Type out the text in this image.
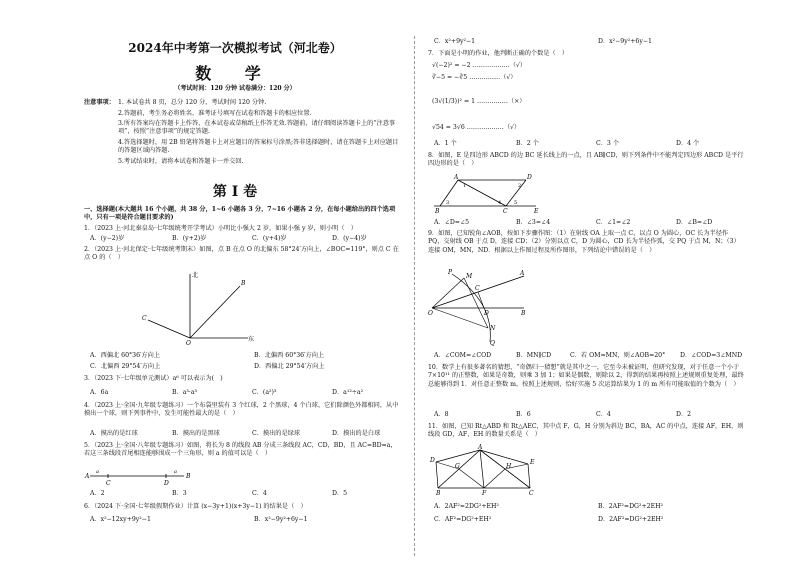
2024年中考第一次模拟考试（河北卷）
数 学
（考试时间：120 分钟 试卷满分：120 分）
注意事项： 1. 本试卷共 8 页，总分 120 分，考试时间 120 分钟.
2.答题前，考生务必将姓名、准考证号填写在试卷和答题卡的相应位置.
3.所有答案均在答题卡上作答，在本试卷或草稿纸上作答无效.答题前，请仔细阅读答题卡上的“注意事项”，按照“注意事项”的规定答题.
4.答选择题时，用 2B 铅笔将答题卡上对应题目的答案标号涂黑;答非选择题时，请在答题卡上对应题目的答题区域内答题.
5.考试结束时，请将本试卷和答题卡一并交回.
第 I 卷
一、选择题(本大题共 16 个小题，共 38 分，1~6 小题各 3 分，7~16 小题各 2 分，在每小题给出的四个选项中，只有一项是符合题目要求的)
1．（2023 上·河北秦皇岛·七年级统考开学考试）小明比小强大 2 岁，如果小强 y 岁，则小明（　）
A．(y−2)岁	B．(y+2)岁	C．(y+4)岁	D．(y−4)岁
2．（2023 上·河北保定·七年级统考期末）如图，点 B 在点 O 的北偏东 58°24′方向上，∠BOC=119°，则点 C 在点 O 的（　）
北
东
C
B
O
A．西偏北 60°36′方向上	B．北偏西 60°36′方向上
C．北偏西 29°54′方向上	D．西偏北 29°54′方向上
3．（2023 下·七年级单元测试）a⁶ 可以表示为(　)
A．6a	B．a³·a³	C．(a²)³	D．a¹²÷a²
4．（2023 上·全国·九年级专题练习）一个布袋里装有 3 个红球，2 个黑球，4 个白球，它们除颜色外都相同，从中摸出一个球，则下列事件中，发生可能性最大的是（　）
A．摸出的是红球	B．摸出的是黑球	C．摸出的是绿球	D．摸出的是白球
5．（2023 上·全国·八年级专题练习）如图，将长为 8 的线段 AB 分成三条线段 AC，CD，BD，且 AC=BD=a，若这三条线段首尾相连能够围成一个三角形，则 a 的值可以是（　）
A
a
C	D
a
B
A．2	B．3	C．4	D．5
6．（2024 下·全国·七年级假期作业）计算 (x−3y+1)(x+3y−1) 的结果是（　）
A．x²−12xy+9y²−1	B．x²−9y²+6y−1
C．x²+9y²−1	D．x²−9y²+6y−1
7．下面是小明的作业，他判断正确的个数是（　）
√(−2)² = −2 ………………（√）
∛−5 = −∛5 ……………（√）
(3√(1/3))² = 1 ……………（×）
√54 = 3√6 ………………（√）
A．1 个	B．2 个	C．3 个	D．4 个
8．如图，E 是四边形 ABCD 的边 BC 延长线上的一点，且 AB∥CD，则下列条件中不能判定四边形 ABCD 是平行四边形的是（　）
A	D
B	C	E
1	2
3	4	5
A．∠D=∠5	B．∠3=∠4	C．∠1=∠2	D．∠B=∠D
9．如图，已知锐角∠AOB，按如下步骤作图：（1）在射线 OA 上取一点 C，以点 O 为圆心，OC 长为半径作 PQ，交射线 OB 于点 D，连接 CD；（2）分别以点 C，D 为圆心，CD 长为半径作弧，交 PQ 于点 M，N；（3）连接 OM，MN，ND．根据以上作图过程及所作图形，下列结论中错误的是（　）
P
Q
A
B
O
M
N
C
D
A．∠COM=∠COD	B．MN∥CD	C．若 OM=MN，则∠AOB=20° D．∠COD=3∠MND
10．数学上有很多著名的猜想，“奇偶归一猜想”就是其中之一，它至今未被证明，但研究发现，对于任意一个小于 7×10¹¹ 的正整数，如果是奇数，则乘 3 加 1；如果是偶数，则除以 2，得到的结果再按照上述规则重复处理，最终总能够得到 1．对任意正整数 m，按照上述规则，恰好实施 5 次运算结果为 1 的 m 所有可能取值的个数为（　）
A．8	B．6	C．4	D．2
11．如图，已知 Rt△ABD 和 Rt△AEC，其中点 F，G，H 分别为斜边 BC，BA，AC 的中点，连接 AF，EH，则线段 GD，AF，EH 的数量关系是（　）
A
D	E
G	H
B	F	C
A．2AF²=2DG²+EH²	B．2AF²=DG²+2EH²
C．AF²=DG²+EH²	D．2AF²=DG²+2EH²
